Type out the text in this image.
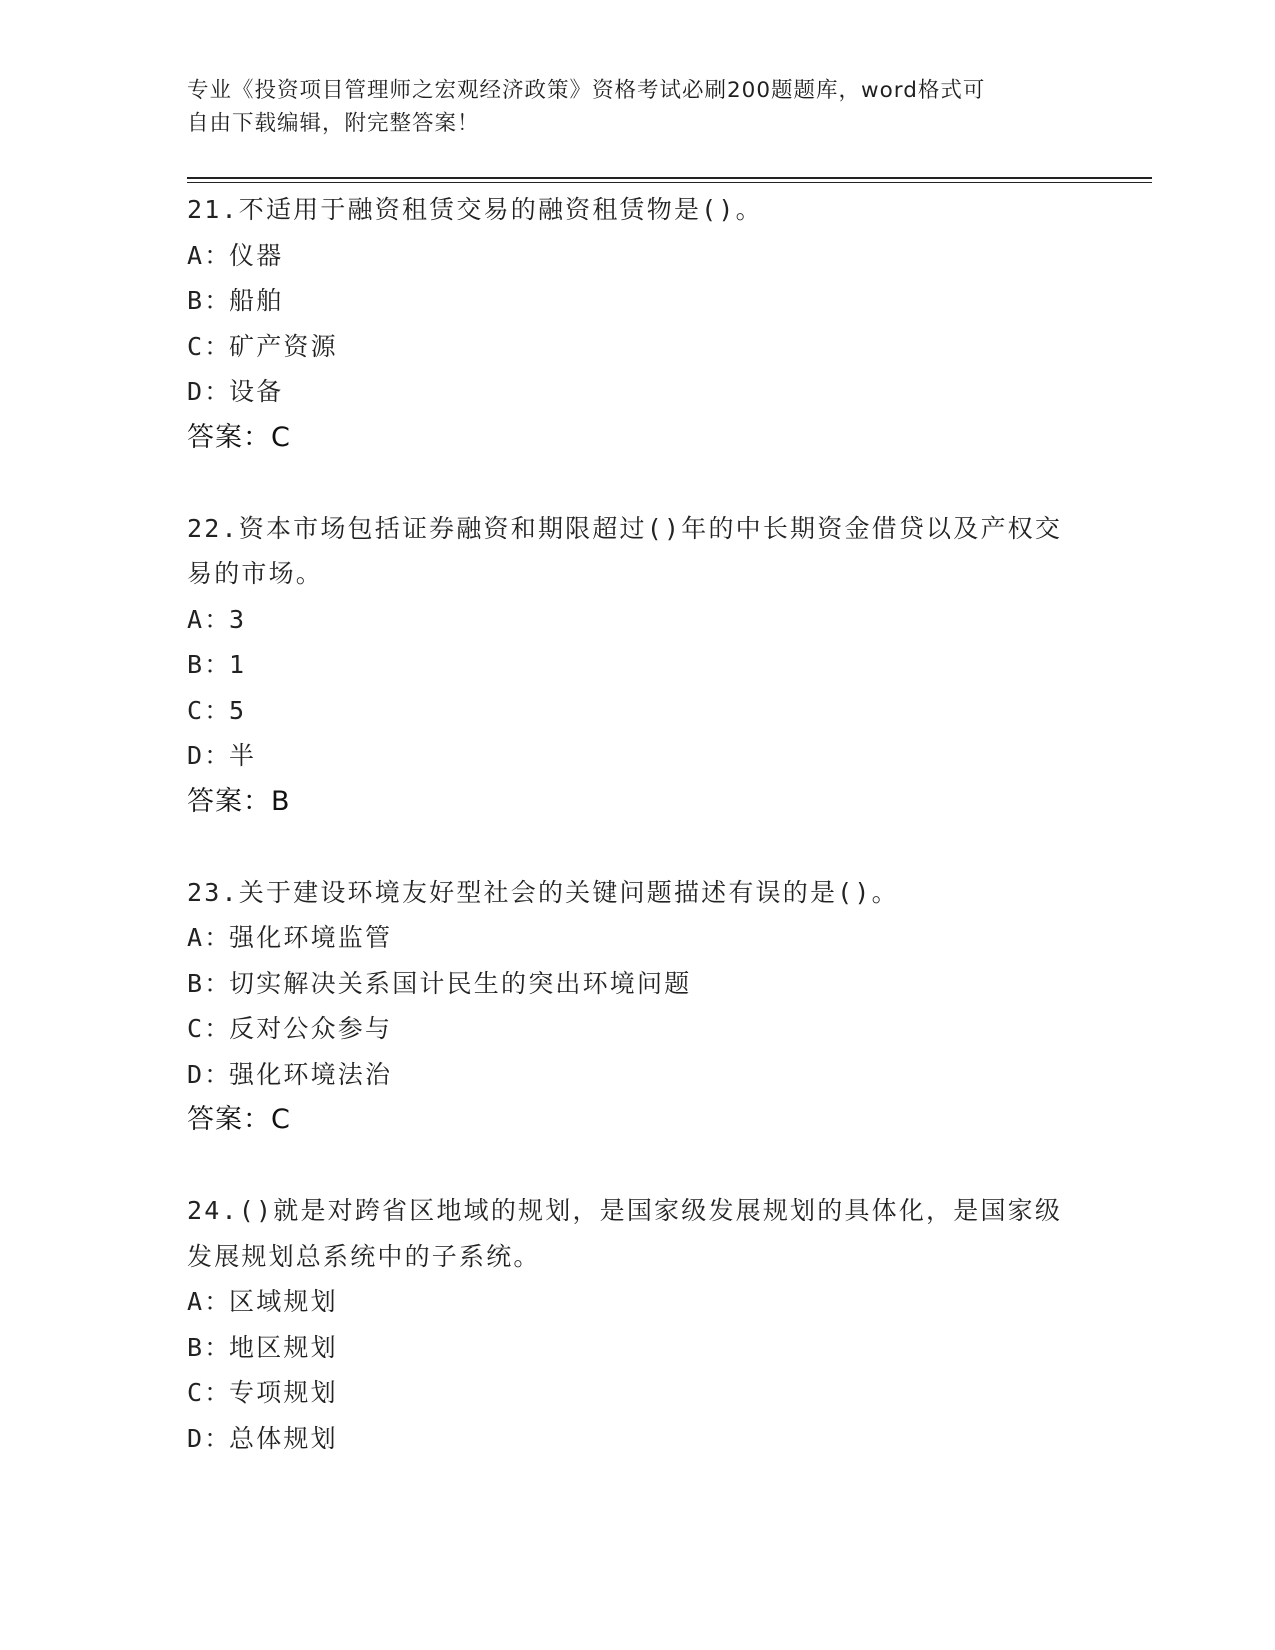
专业《投资项目管理师之宏观经济政策》资格考试必刷200题题库，word格式可
自由下载编辑，附完整答案！
21.不适用于融资租赁交易的融资租赁物是()。
A：仪器
B：船舶
C：矿产资源
D：设备
答案：C
22.资本市场包括证券融资和期限超过()年的中长期资金借贷以及产权交易的市场。
A：3
B：1
C：5
D：半
答案：B
23.关于建设环境友好型社会的关键问题描述有误的是()。
A：强化环境监管
B：切实解决关系国计民生的突出环境问题
C：反对公众参与
D：强化环境法治
答案：C
24.()就是对跨省区地域的规划，是国家级发展规划的具体化，是国家级发展规划总系统中的子系统。
A：区域规划
B：地区规划
C：专项规划
D：总体规划
